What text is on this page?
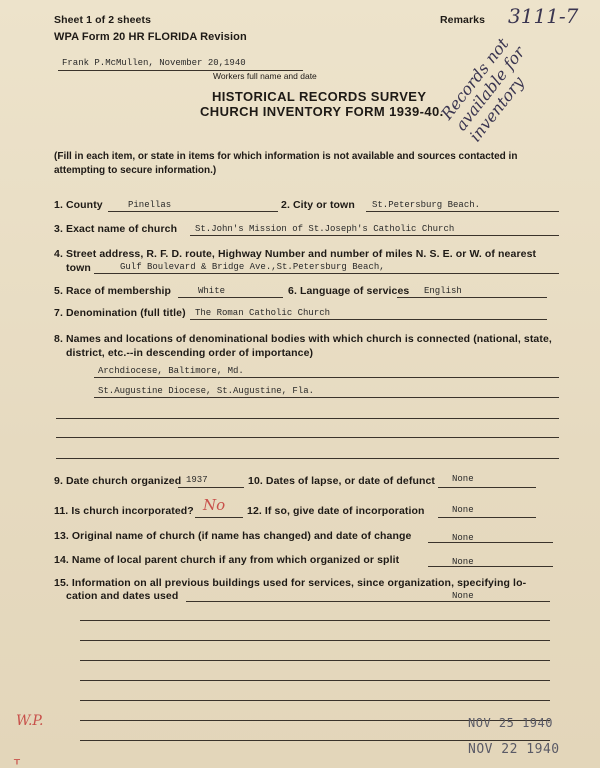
Sheet 1 of 2 sheets
WPA Form 20 HR FLORIDA Revision
Remarks 3111-7
Frank P.McMullen, November 20,1940
Workers full name and date
HISTORICAL RECORDS SURVEY
CHURCH INVENTORY FORM 1939-40.
Records not available for inventory
(Fill in each item, or state in items for which information is not available and sources contacted in
attempting to secure information.)
1. County	Pinellas	2. City or town St.Petersburg Beach.
3. Exact name of church St.John's Mission of St.Joseph's Catholic Church
4. Street address, R. F. D. route, Highway Number and number of miles N. S. E. or W. of nearest
town	Gulf Boulevard & Bridge Ave.,St.Petersburg Beach,
5. Race of membership	White	6. Language of services English
7. Denomination (full title) The Roman Catholic Church
8. Names and locations of denominational bodies with which church is connected (national, state,
district, etc.--in descending order of importance)
Archdiocese, Baltimore, Md.
St.Augustine Diocese, St.Augustine, Fla.
9. Date church organized 1937	10. Dates of lapse, or date of defunct None
11. Is church incorporated? No 12. If so, give date of incorporation	None
13. Original name of church (if name has changed) and date of change	None
14. Name of local parent church if any from which organized or split	None
15. Information on all previous buildings used for services, since organization, specifying lo-
cation and dates used	None
W.P.
ᚁ
NOV 25 1940
NOV 22 1940
